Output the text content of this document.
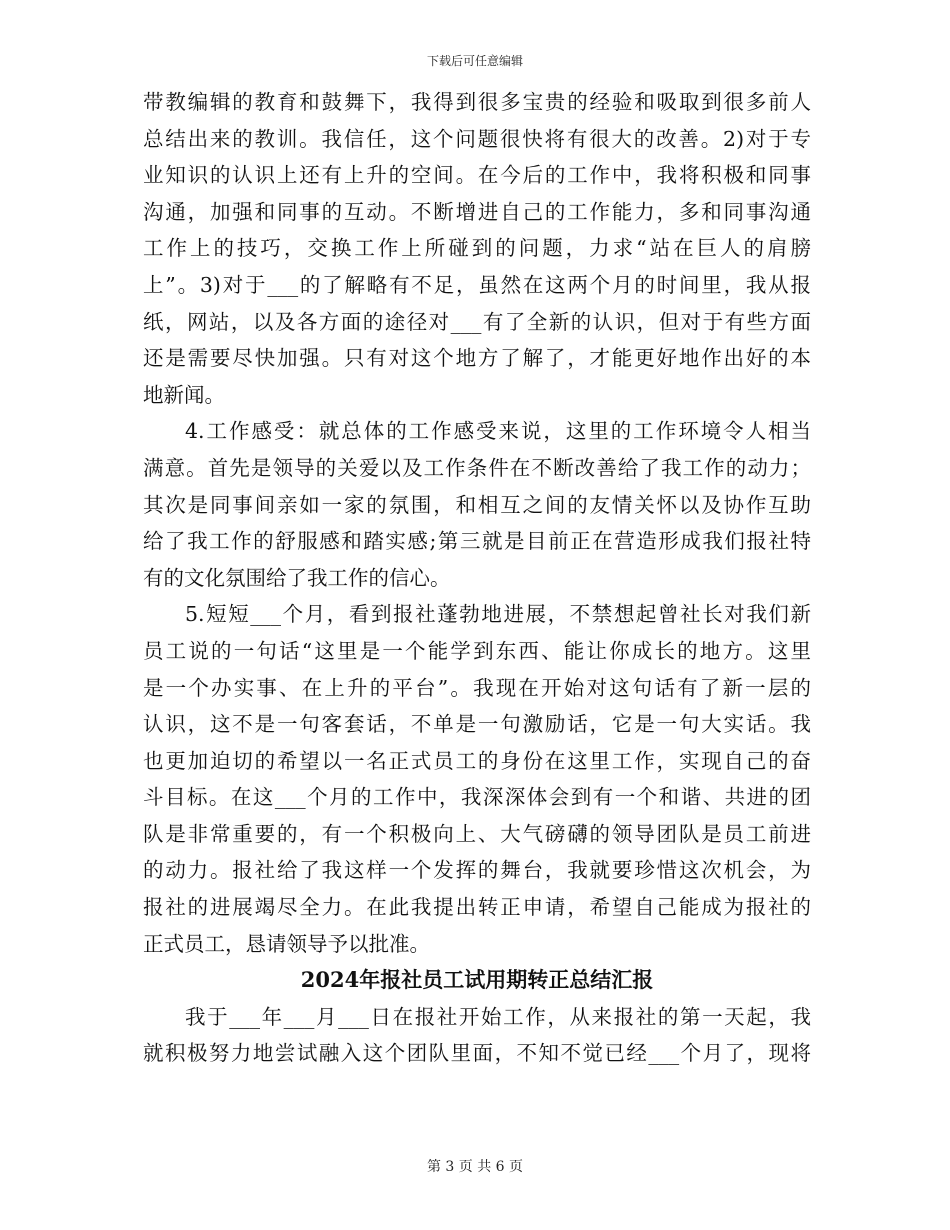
下载后可任意编辑
带教编辑的教育和鼓舞下，我得到很多宝贵的经验和吸取到很多前人
总结出来的教训。我信任，这个问题很快将有很大的改善。2)对于专
业知识的认识上还有上升的空间。在今后的工作中，我将积极和同事
沟通，加强和同事的互动。不断增进自己的工作能力，多和同事沟通
工作上的技巧，交换工作上所碰到的问题，力求“站在巨人的肩膀
上”。3)对于___的了解略有不足，虽然在这两个月的时间里，我从报
纸，网站，以及各方面的途径对___有了全新的认识，但对于有些方面
还是需要尽快加强。只有对这个地方了解了，才能更好地作出好的本
地新闻。
4.工作感受：就总体的工作感受来说，这里的工作环境令人相当
满意。首先是领导的关爱以及工作条件在不断改善给了我工作的动力；
其次是同事间亲如一家的氛围，和相互之间的友情关怀以及协作互助
给了我工作的舒服感和踏实感;第三就是目前正在营造形成我们报社特
有的文化氛围给了我工作的信心。
5.短短___个月，看到报社蓬勃地进展，不禁想起曾社长对我们新
员工说的一句话“这里是一个能学到东西、能让你成长的地方。这里
是一个办实事、在上升的平台”。我现在开始对这句话有了新一层的
认识，这不是一句客套话，不单是一句激励话，它是一句大实话。我
也更加迫切的希望以一名正式员工的身份在这里工作，实现自己的奋
斗目标。在这___个月的工作中，我深深体会到有一个和谐、共进的团
队是非常重要的，有一个积极向上、大气磅礴的领导团队是员工前进
的动力。报社给了我这样一个发挥的舞台，我就要珍惜这次机会，为
报社的进展竭尽全力。在此我提出转正申请，希望自己能成为报社的
正式员工，恳请领导予以批准。
2024年报社员工试用期转正总结汇报
我于___年___月___日在报社开始工作，从来报社的第一天起，我
就积极努力地尝试融入这个团队里面，不知不觉已经___个月了，现将
第 3 页 共 6 页
